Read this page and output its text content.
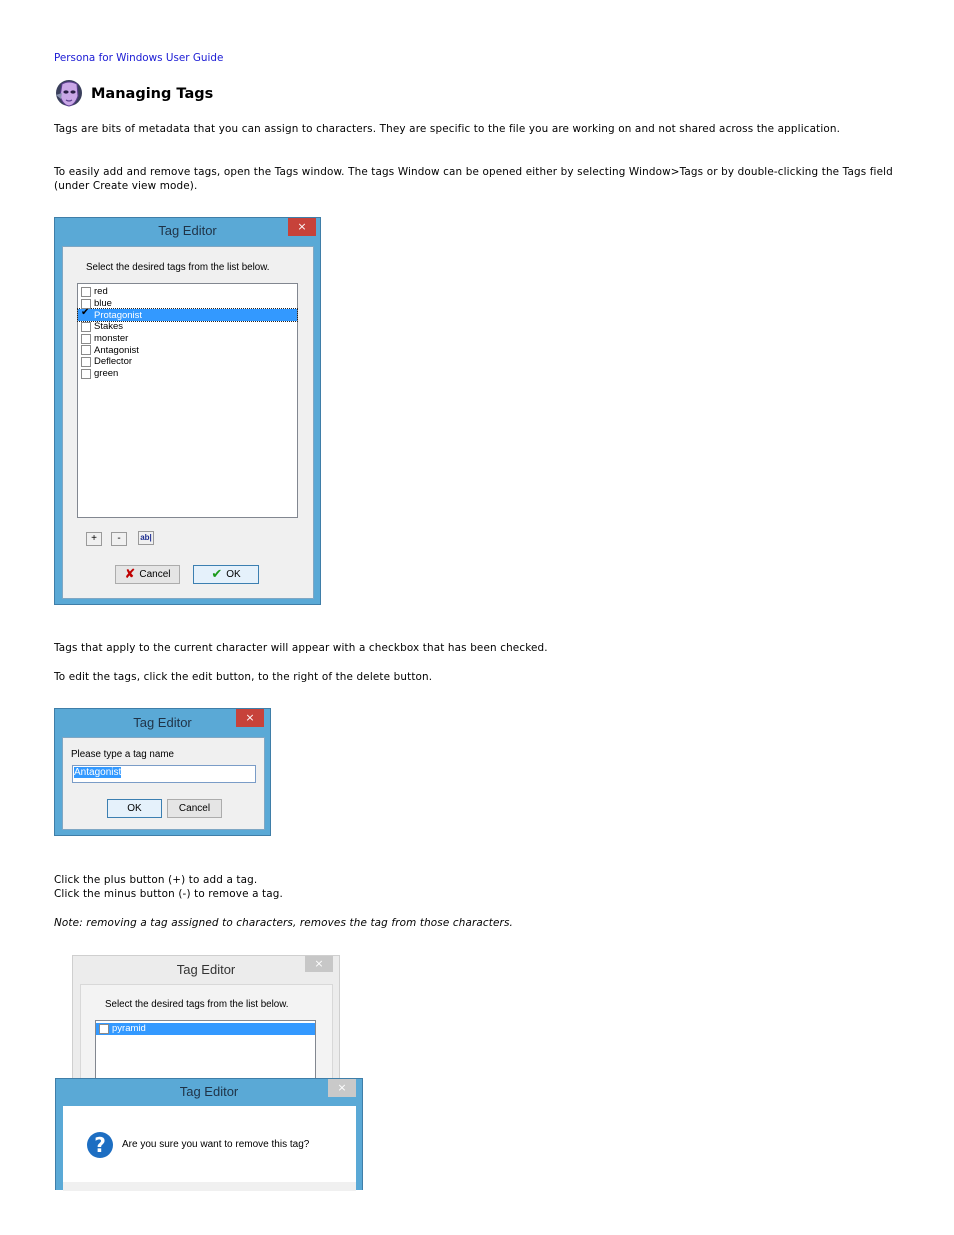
Persona for Windows User Guide
Managing Tags

Tags are bits of metadata that you can assign to characters. They are specific to the file you are working on and not shared across the application.

To easily add and remove tags, open the Tags window. The tags Window can be opened either by selecting Window>Tags or by double-clicking the Tags field (under Create view mode).

Tag Editor	×
Select the desired tags from the list below.
red
blue
✔
Protagonist
Stakes
monster
Antagonist
Deflector
green
+	-	ab|
✘ Cancel	✔ OK

Tags that apply to the current character will appear with a checkbox that has been checked.

To edit the tags, click the edit button, to the right of the delete button.

Tag Editor	×
Please type a tag name
Antagonist
OK	Cancel

Click the plus button (+) to add a tag.

Click the minus button (-) to remove a tag.

Note: removing a tag assigned to characters, removes the tag from those characters.

Tag Editor	×
Select the desired tags from the list below.
pyramid
Tag Editor	×
?	Are you sure you want to remove this tag?
